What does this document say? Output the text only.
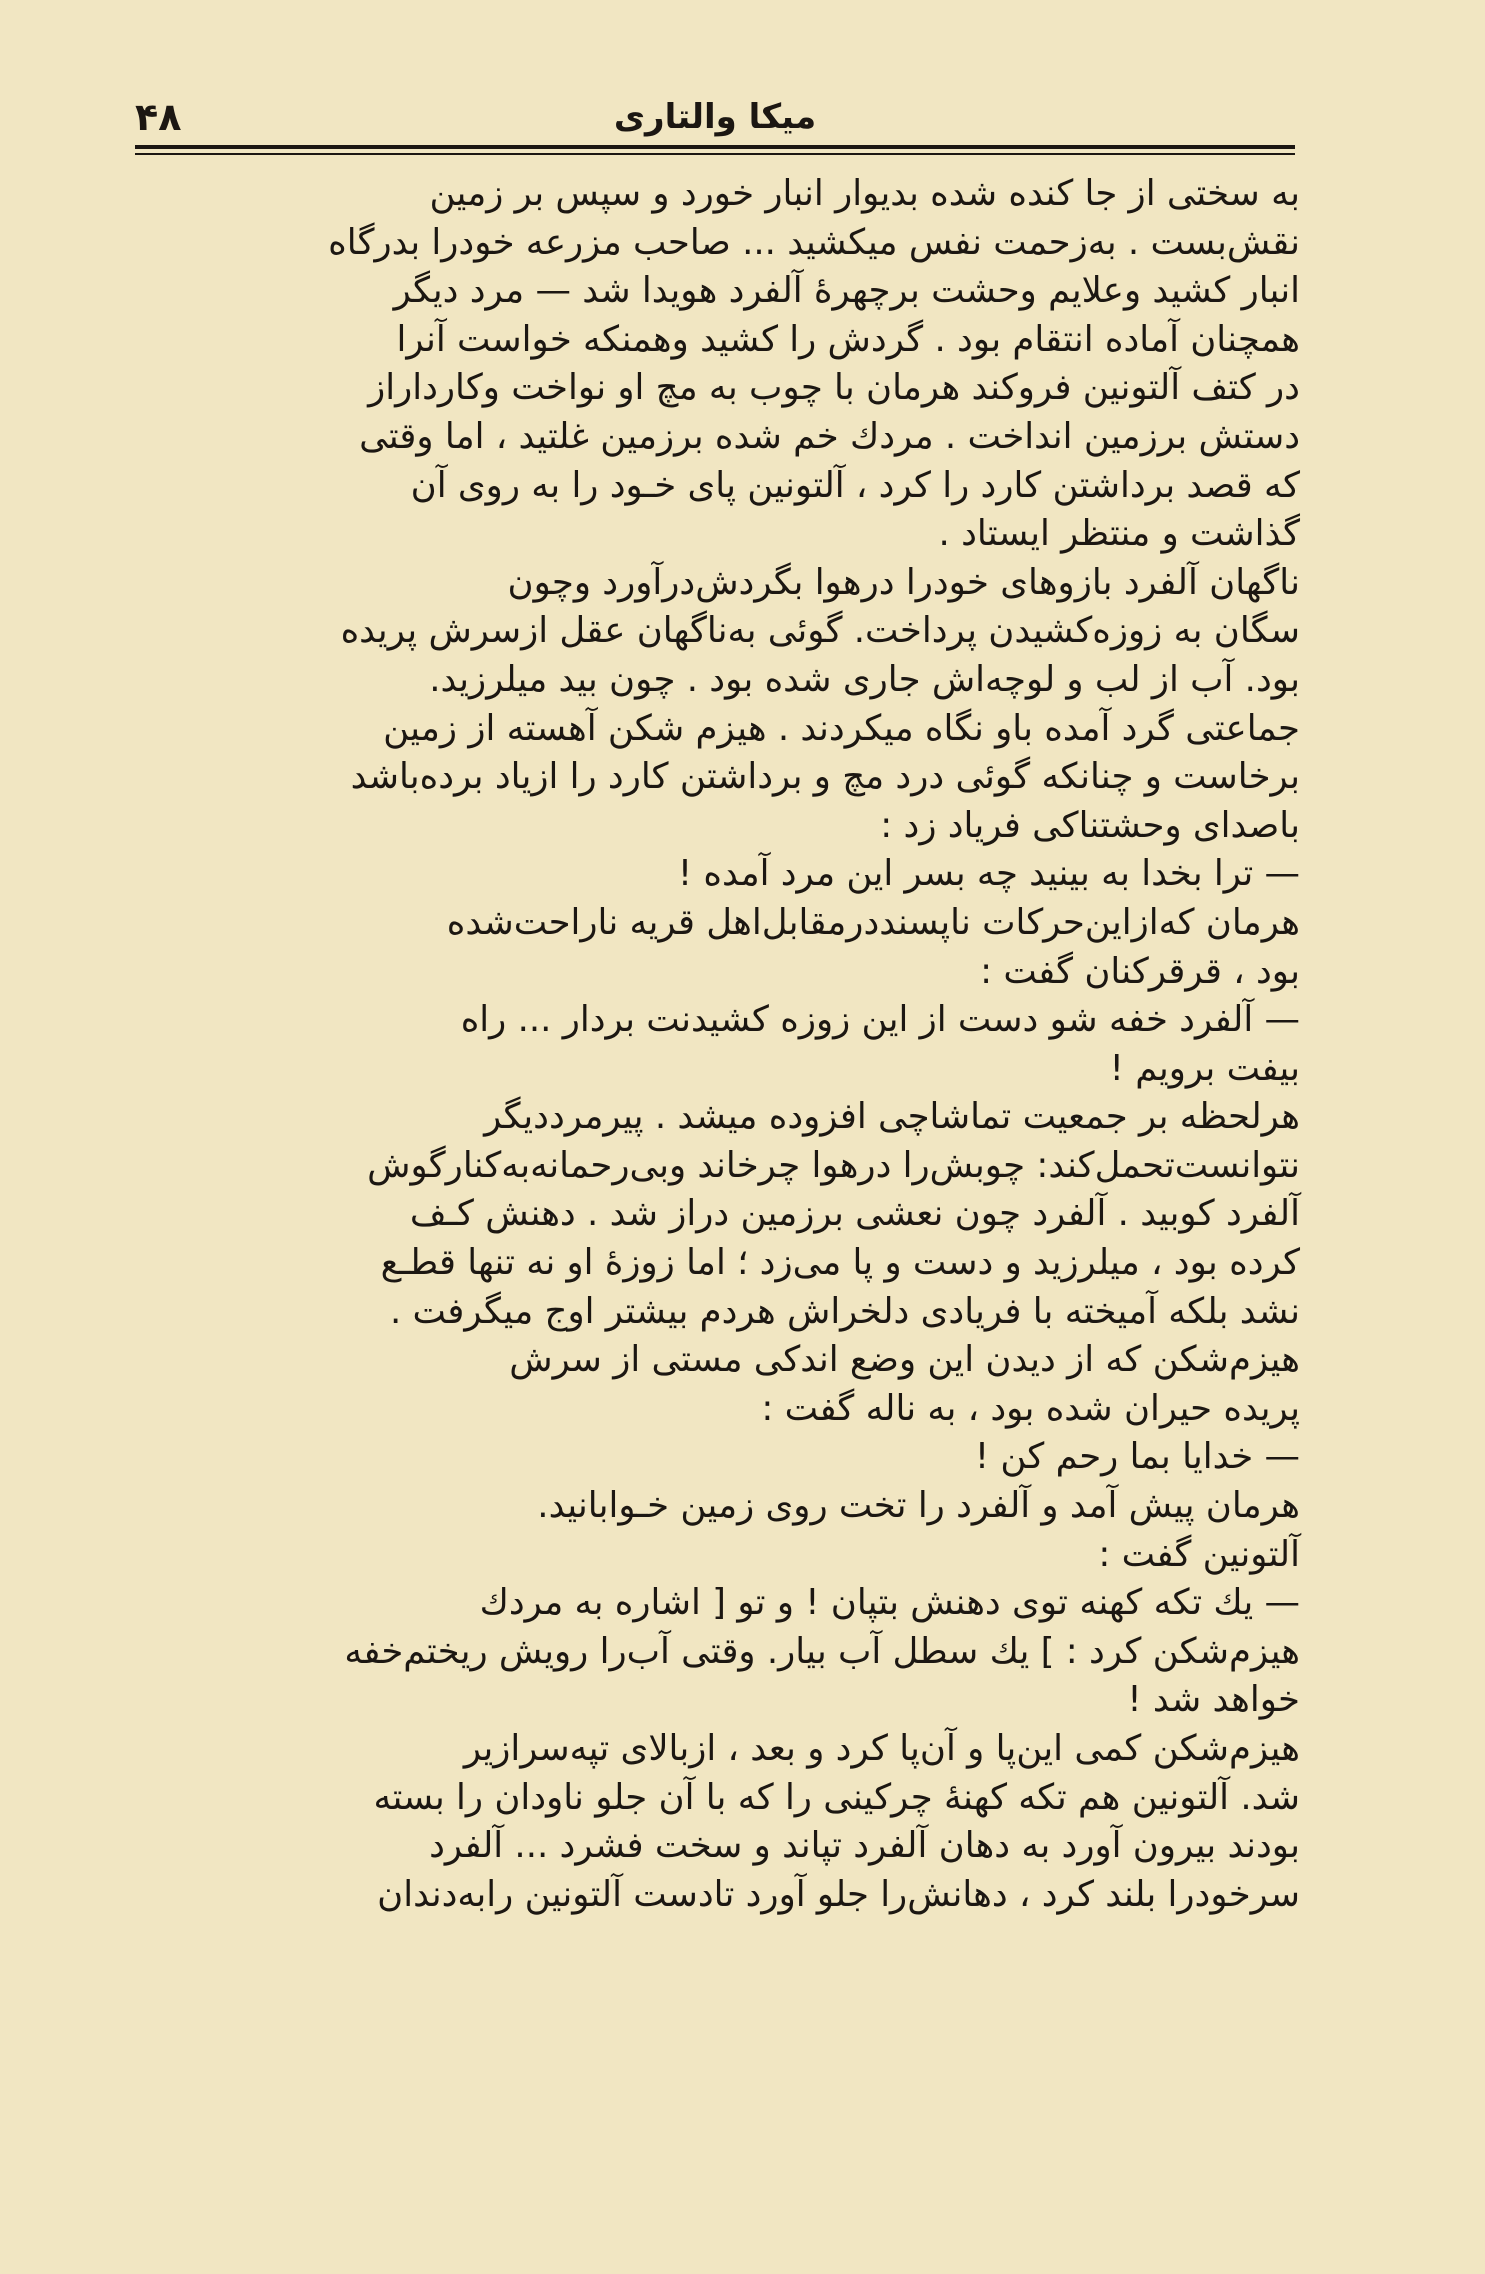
۴۸	میکا والتاری

به سختی از جا کنده شده بدیوار انبار خورد و سپس بر زمین
نقش‌بست . به‌زحمت نفس میکشید ... صاحب مزرعه خودرا بدرگاه
انبار کشید وعلایم وحشت برچهرهٔ آلفرد هویدا شد — مرد دیگر
همچنان آماده انتقام بود . گردش را کشید وهمنکه خواست آنرا
در کتف آلتونین فروکند هرمان با چوب به مچ او نواخت وکارداراز
دستش برزمین انداخت . مردك خم شده برزمین غلتید ، اما وقتی
که قصد برداشتن کارد را کرد ، آلتونین پای خـود را به روی آن
گذاشت و منتظر ایستاد .

ناگهان آلفرد بازوهای خودرا درهوا بگردش‌درآورد وچون
سگان به زوزه‌کشیدن پرداخت. گوئی به‌ناگهان عقل ازسرش پریده
بود. آب از لب و لوچه‌اش جاری شده بود . چون بید میلرزید.
جماعتی گرد آمده باو نگاه میکردند . هیزم شکن آهسته از زمین
برخاست و چنانکه گوئی درد مچ و برداشتن کارد را ازیاد برده‌باشد
باصدای وحشتناکی فریاد زد :

— ترا بخدا به بینید چه بسر این مرد آمده !

هرمان که‌ازاین‌حرکات ناپسنددرمقابل‌اهل قریه ناراحت‌شده
بود ، قرقرکنان گفت :

— آلفرد خفه شو دست از این زوزه کشیدنت بردار ... راه
بیفت برویم !

هرلحظه بر جمعیت تماشاچی افزوده میشد . پیرمرددیگر
نتوانست‌تحمل‌کند: چوبش‌را درهوا چرخاند وبی‌رحمانه‌به‌کنارگوش
آلفرد کوبید . آلفرد چون نعشی برزمین دراز شد . دهنش کـف
کرده بود ، میلرزید و دست و پا می‌زد ؛ اما زوزهٔ او نه تنها قطـع
نشد بلکه آمیخته با فریادی دلخراش هردم بیشتر اوج میگرفت .

هیزم‌شکن که از دیدن این وضع اندکی مستی از سرش
پریده حیران شده بود ، به ناله گفت :

— خدایا بما رحم کن !

هرمان پیش آمد و آلفرد را تخت روی زمین خـوابانید.
آلتونین گفت :

— یك تکه کهنه توی دهنش بتپان ! و تو [ اشاره به مردك
هیزم‌شکن کرد : ] یك سطل آب بیار. وقتی آب‌را رویش ریختم‌خفه
خواهد شد !

هیزم‌شکن کمی این‌پا و آن‌پا کرد و بعد ، ازبالای تپه‌سرازیر
شد. آلتونین هم تکه کهنهٔ چرکینی را که با آن جلو ناودان را بسته
بودند بیرون آورد به دهان آلفرد تپاند و سخت فشرد ... آلفرد
سرخودرا بلند کرد ، دهانش‌را جلو آورد تادست آلتونین رابه‌دندان
